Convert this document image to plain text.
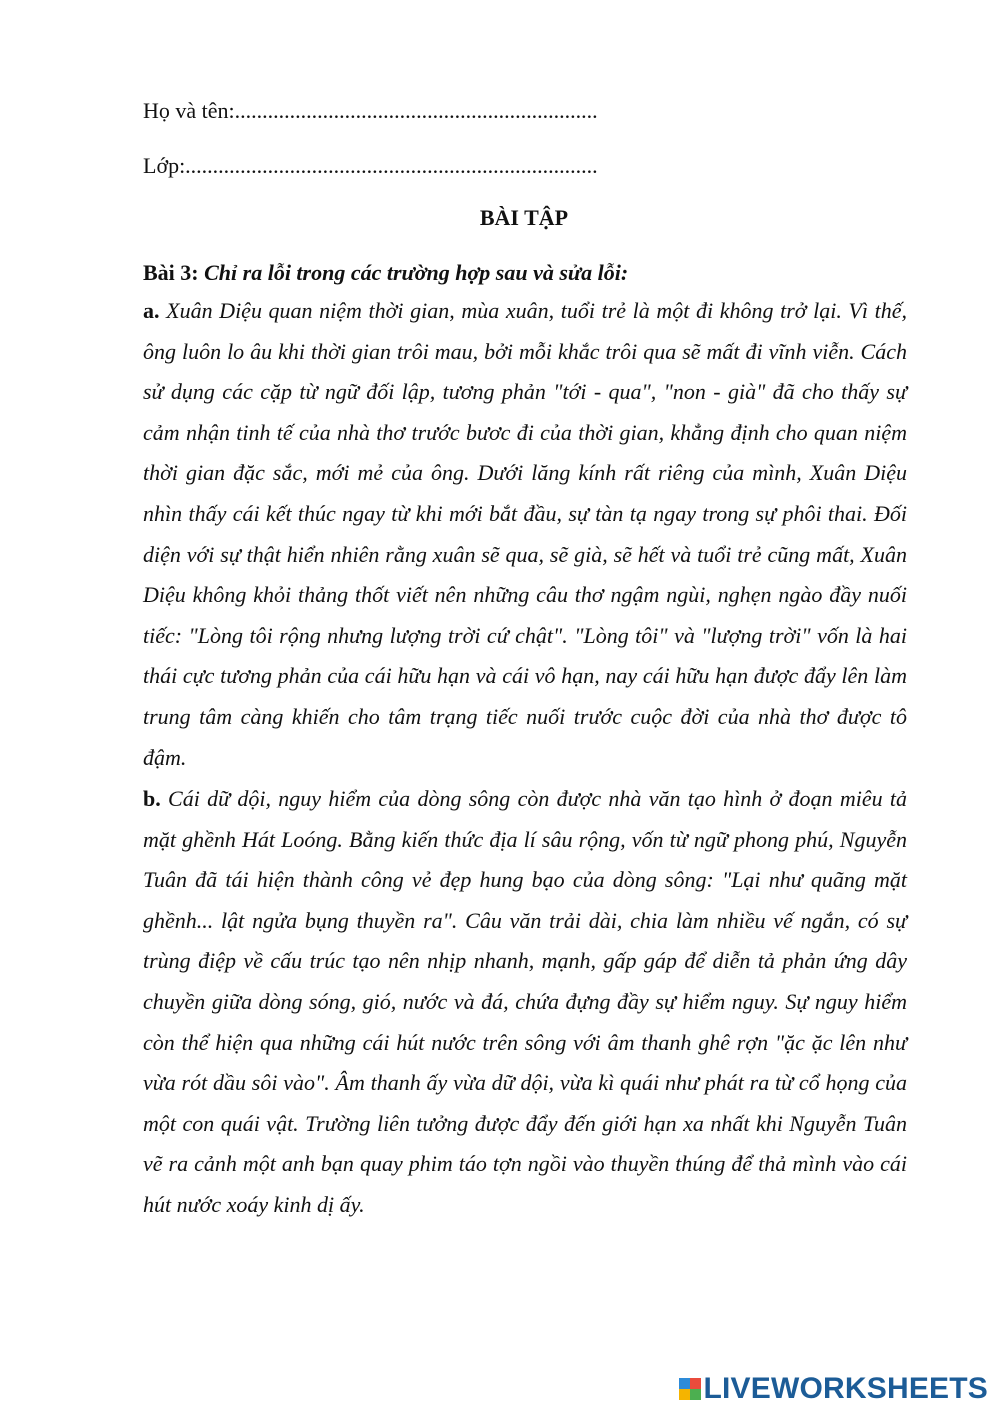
Họ và tên:..................................................................
Lớp:...........................................................................
BÀI TẬP
Bài 3: Chỉ ra lỗi trong các trường hợp sau và sửa lỗi:
a. Xuân Diệu quan niệm thời gian, mùa xuân, tuổi trẻ là một đi không trở lại. Vì thế, ông luôn lo âu khi thời gian trôi mau, bởi mỗi khắc trôi qua sẽ mất đi vĩnh viễn. Cách sử dụng các cặp từ ngữ đối lập, tương phản "tới - qua", "non - già" đã cho thấy sự cảm nhận tinh tế của nhà thơ trước bươc đi của thời gian, khẳng định cho quan niệm thời gian đặc sắc, mới mẻ của ông. Dưới lăng kính rất riêng của mình, Xuân Diệu nhìn thấy cái kết thúc ngay từ khi mới bắt đầu, sự tàn tạ ngay trong sự phôi thai. Đối diện với sự thật hiển nhiên rằng xuân sẽ qua, sẽ già, sẽ hết và tuổi trẻ cũng mất, Xuân Diệu không khỏi thảng thốt viết nên những câu thơ ngậm ngùi, nghẹn ngào đầy nuối tiếc: "Lòng tôi rộng nhưng lượng trời cứ chật". "Lòng tôi" và "lượng trời" vốn là hai thái cực tương phản của cái hữu hạn và cái vô hạn, nay cái hữu hạn được đẩy lên làm trung tâm càng khiến cho tâm trạng tiếc nuối trước cuộc đời của nhà thơ được tô đậm.
b. Cái dữ dội, nguy hiểm của dòng sông còn được nhà văn tạo hình ở đoạn miêu tả mặt ghềnh Hát Loóng. Bằng kiến thức địa lí sâu rộng, vốn từ ngữ phong phú, Nguyễn Tuân đã tái hiện thành công vẻ đẹp hung bạo của dòng sông: "Lại như quãng mặt ghềnh... lật ngửa bụng thuyền ra". Câu văn trải dài, chia làm nhiều vế ngắn, có sự trùng điệp về cấu trúc tạo nên nhịp nhanh, mạnh, gấp gáp để diễn tả phản ứng dây chuyền giữa dòng sóng, gió, nước và đá, chứa đựng đầy sự hiểm nguy. Sự nguy hiểm còn thể hiện qua những cái hút nước trên sông với âm thanh ghê rợn "ặc ặc lên như vừa rót dầu sôi vào". Âm thanh ấy vừa dữ dội, vừa kì quái như phát ra từ cổ họng của một con quái vật. Trường liên tưởng được đẩy đến giới hạn xa nhất khi Nguyễn Tuân vẽ ra cảnh một anh bạn quay phim táo tợn ngồi vào thuyền thúng để thả mình vào cái hút nước xoáy kinh dị ấy.
LIVEWORKSHEETS
